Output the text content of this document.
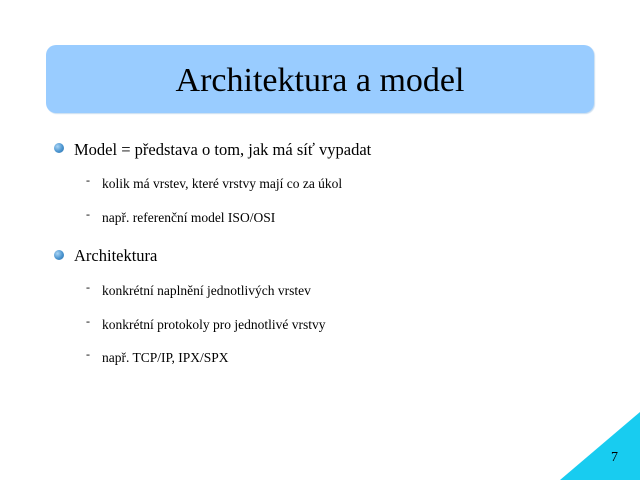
Architektura a model
Model = představa o tom, jak má síť vypadat
- kolik má vrstev, které vrstvy mají co za úkol
- např. referenční model ISO/OSI
Architektura
- konkrétní naplnění jednotlivých vrstev
- konkrétní protokoly pro jednotlivé vrstvy
- např. TCP/IP, IPX/SPX
7
